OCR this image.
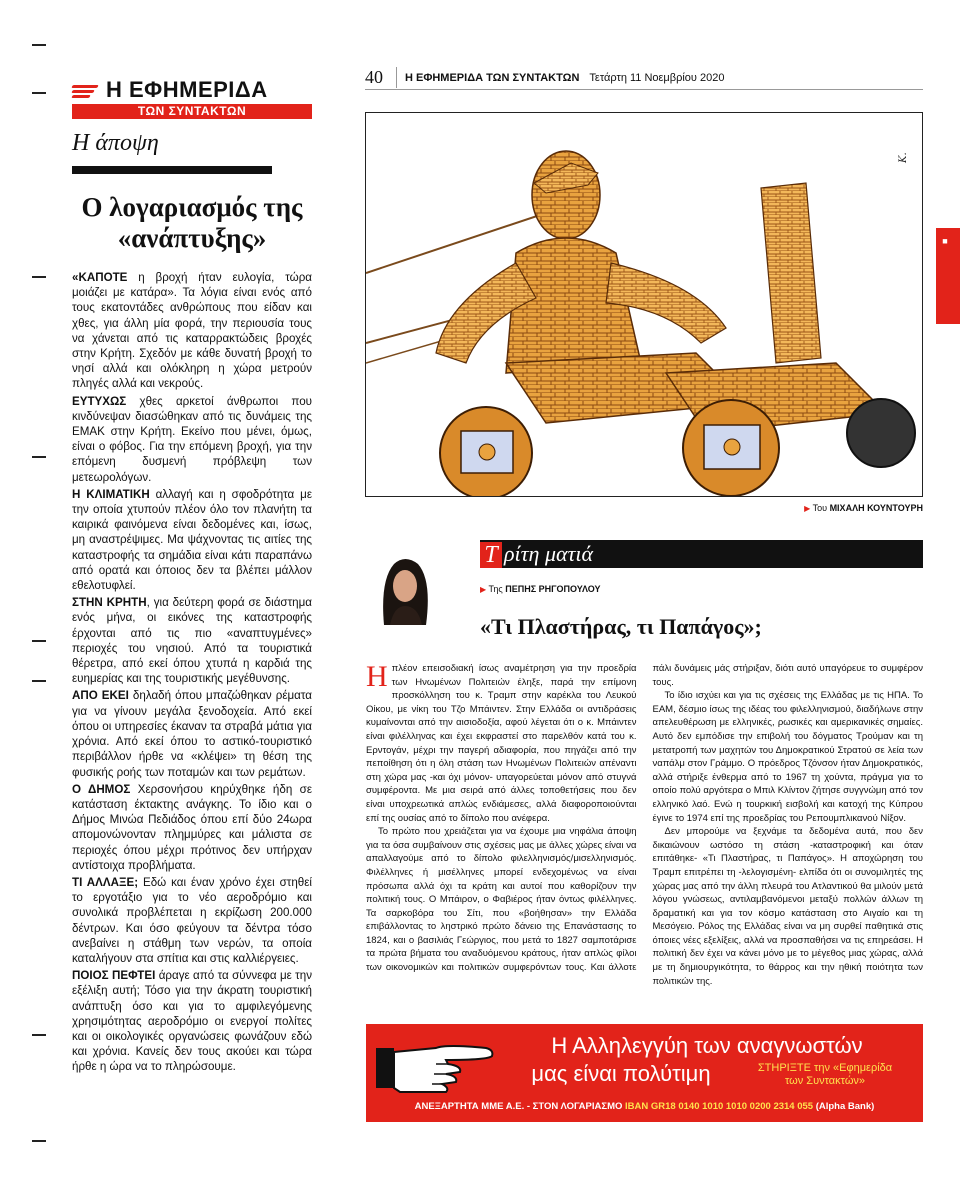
Η ΕΦΗΜΕΡΙΔΑ
ΤΩΝ ΣΥΝΤΑΚΤΩΝ
Η άποψη
Ο λογαριασμός της «ανάπτυξης»

«ΚΑΠΟΤΕ η βροχή ήταν ευλογία, τώρα μοιάζει με κατάρα». Τα λόγια είναι ενός από τους εκατοντάδες ανθρώπους που είδαν και χθες, για άλλη μία φορά, την περιουσία τους να χάνεται από τις καταρρακτώδεις βροχές στην Κρήτη. Σχεδόν με κάθε δυνατή βροχή το νησί αλλά και ολόκληρη η χώρα μετρούν πληγές αλλά και νεκρούς.

ΕΥΤΥΧΩΣ χθες αρκετοί άνθρωποι που κινδύνεψαν διασώθηκαν από τις δυνάμεις της ΕΜΑΚ στην Κρήτη. Εκείνο που μένει, όμως, είναι ο φόβος. Για την επόμενη βροχή, για την επόμενη δυσμενή πρόβλεψη των μετεωρολόγων.

Η ΚΛΙΜΑΤΙΚΗ αλλαγή και η σφοδρότητα με την οποία χτυπούν πλέον όλο τον πλανήτη τα καιρικά φαινόμενα είναι δεδομένες και, ίσως, μη αναστρέψιμες. Μα ψάχνοντας τις αιτίες της καταστροφής τα σημάδια είναι κάτι παραπάνω από ορατά και όποιος δεν τα βλέπει μάλλον εθελοτυφλεί.

ΣΤΗΝ ΚΡΗΤΗ, για δεύτερη φορά σε διάστημα ενός μήνα, οι εικόνες της καταστροφής έρχονται από τις πιο «αναπτυγμένες» περιοχές του νησιού. Από τα τουριστικά θέρετρα, από εκεί όπου χτυπά η καρδιά της ευημερίας και της τουριστικής μεγέθυνσης.

ΑΠΟ ΕΚΕΙ δηλαδή όπου μπαζώθηκαν ρέματα για να γίνουν μεγάλα ξενοδοχεία. Από εκεί όπου οι υπηρεσίες έκαναν τα στραβά μάτια για χρόνια. Από εκεί όπου το αστικό-τουριστικό περιβάλλον ήρθε να «κλέψει» τη θέση της φυσικής ροής των ποταμών και των ρεμάτων.

Ο ΔΗΜΟΣ Χερσονήσου κηρύχθηκε ήδη σε κατάσταση έκτακτης ανάγκης. Το ίδιο και ο Δήμος Μινώα Πεδιάδος όπου επί δύο 24ωρα απομονώνονταν πλημμύρες και μάλιστα σε περιοχές όπου μέχρι πρότινος δεν υπήρχαν αντίστοιχα προβλήματα.

ΤΙ ΑΛΛΑΞΕ; Εδώ και έναν χρόνο έχει στηθεί το εργοτάξιο για το νέο αεροδρόμιο και συνολικά προβλέπεται η εκρίζωση 200.000 δέντρων. Και όσο φεύγουν τα δέντρα τόσο ανεβαίνει η στάθμη των νερών, τα οποία καταλήγουν στα σπίτια και στις καλλιέργειες.

ΠΟΙΟΣ ΠΕΦΤΕΙ άραγε από τα σύννεφα με την εξέλιξη αυτή; Τόσο για την άκρατη τουριστική ανάπτυξη όσο και για το αμφιλεγόμενης χρησιμότητας αεροδρόμιο οι ενεργοί πολίτες και οι οικολογικές οργανώσεις φωνάζουν εδώ και χρόνια. Κανείς δεν τους ακούει και τώρα ήρθε η ώρα να το πληρώσουμε.

40	Η ΕΦΗΜΕΡΙΔΑ ΤΩΝ ΣΥΝΤΑΚΤΩΝ Τετάρτη 11 Νοεμβρίου 2020
■
K.
▶ Του ΜΙΧΑΛΗ ΚΟΥΝΤΟΥΡΗ
Τ ρίτη ματιά
▶ Της ΠΕΠΗΣ ΡΗΓΟΠΟΥΛΟΥ
«Τι Πλαστήρας, τι Παπάγος»;

Ηπλέον επεισοδιακή ίσως αναμέτρηση για την προεδρία των Ηνωμένων Πολιτειών έληξε, παρά την επίμονη προσκόλληση του κ. Τραμπ στην καρέκλα του Λευκού Οίκου, με νίκη του Τζο Μπάιντεν. Στην Ελλάδα οι αντιδράσεις κυμαίνονται από την αισιοδοξία, αφού λέγεται ότι ο κ. Μπάιντεν είναι φιλέλληνας και έχει εκφραστεί στο παρελθόν κατά του κ. Ερντογάν, μέχρι την παγερή αδιαφορία, που πηγάζει από την πεποίθηση ότι η όλη στάση των Ηνωμένων Πολιτειών απέναντι στη χώρα μας -και όχι μόνον- υπαγορεύεται μόνον από στυγνά συμφέροντα. Με μια σειρά από άλλες τοποθετήσεις που δεν είναι υποχρεωτικά απλώς ενδιάμεσες, αλλά διαφοροποιούνται επί της ουσίας από το δίπολο που ανέφερα.

Το πρώτο που χρειάζεται για να έχουμε μια νηφάλια άποψη για τα όσα συμβαίνουν στις σχέσεις μας με άλλες χώρες είναι να απαλλαγούμε από το δίπολο φιλελληνισμός/μισελληνισμός. Φιλέλληνες ή μισέλληνες μπορεί ενδεχομένως να είναι πρόσωπα αλλά όχι τα κράτη και αυτοί που καθορίζουν την πολιτική τους. Ο Μπάιρον, ο Φαβιέρος ήταν όντως φιλέλληνες. Τα σαρκοβόρα του Σίτι, που «βοήθησαν» την Ελλάδα επιβάλλοντας το ληστρικό πρώτο δάνειο της Επανάστασης το 1824, και ο βασιλιάς Γεώργιος, που μετά το 1827 σαμποτάρισε τα πρώτα βήματα του αναδυόμενου κράτους, ήταν απλώς φίλοι των οικονομικών και πολιτικών συμφερόντων τους. Και άλλοτε πάλι δυνάμεις μάς στήριξαν, διότι αυτό υπαγόρευε το συμφέρον τους.

Το ίδιο ισχύει και για τις σχέσεις της Ελλάδας με τις ΗΠΑ. Το ΕΑΜ, δέσμιο ίσως της ιδέας του φιλελληνισμού, διαδήλωνε στην απελευθέρωση με ελληνικές, ρωσικές και αμερικανικές σημαίες. Αυτό δεν εμπόδισε την επιβολή του δόγματος Τρούμαν και τη μετατροπή των μαχητών του Δημοκρατικού Στρατού σε λεία των ναπάλμ στον Γράμμο. Ο πρόεδρος Τζόνσον ήταν Δημοκρατικός, αλλά στήριξε ένθερμα από το 1967 τη χούντα, πράγμα για το οποίο πολύ αργότερα ο Μπιλ Κλίντον ζήτησε συγγνώμη από τον ελληνικό λαό. Ενώ η τουρκική εισβολή και κατοχή της Κύπρου έγινε το 1974 επί της προεδρίας του Ρεπουμπλικανού Νίξον.

Δεν μπορούμε να ξεχνάμε τα δεδομένα αυτά, που δεν δικαιώνουν ωστόσο τη στάση -καταστροφική και όταν επιτάθηκε- «Τι Πλαστήρας, τι Παπάγος». Η αποχώρηση του Τραμπ επιτρέπει τη -λελογισμένη- ελπίδα ότι οι συνομιλητές της χώρας μας από την άλλη πλευρά του Ατλαντικού θα μιλούν μετά λόγου γνώσεως, αντιλαμβανόμενοι μεταξύ πολλών άλλων τη δραματική και για τον κόσμο κατάσταση στο Αιγαίο και τη Μεσόγειο. Ρόλος της Ελλάδας είναι να μη συρθεί παθητικά στις όποιες νέες εξελίξεις, αλλά να προσπαθήσει να τις επηρεάσει. Η πολιτική δεν έχει να κάνει μόνο με το μέγεθος μιας χώρας, αλλά με τη δημιουργικότητα, το θάρρος και την ηθική ποιότητα των πολιτικών της.

Η Αλληλεγγύη των αναγνωστών
μας είναι πολύτιμη	ΣΤΗΡΙΞΤΕ την «Εφημερίδα
των Συντακτών»
ΑΝΕΞΑΡΤΗΤΑ ΜΜΕ Α.Ε. - ΣΤΟΝ ΛΟΓΑΡΙΑΣΜΟ IBAN GR18 0140 1010 1010 0200 2314 055 (Alpha Bank)
